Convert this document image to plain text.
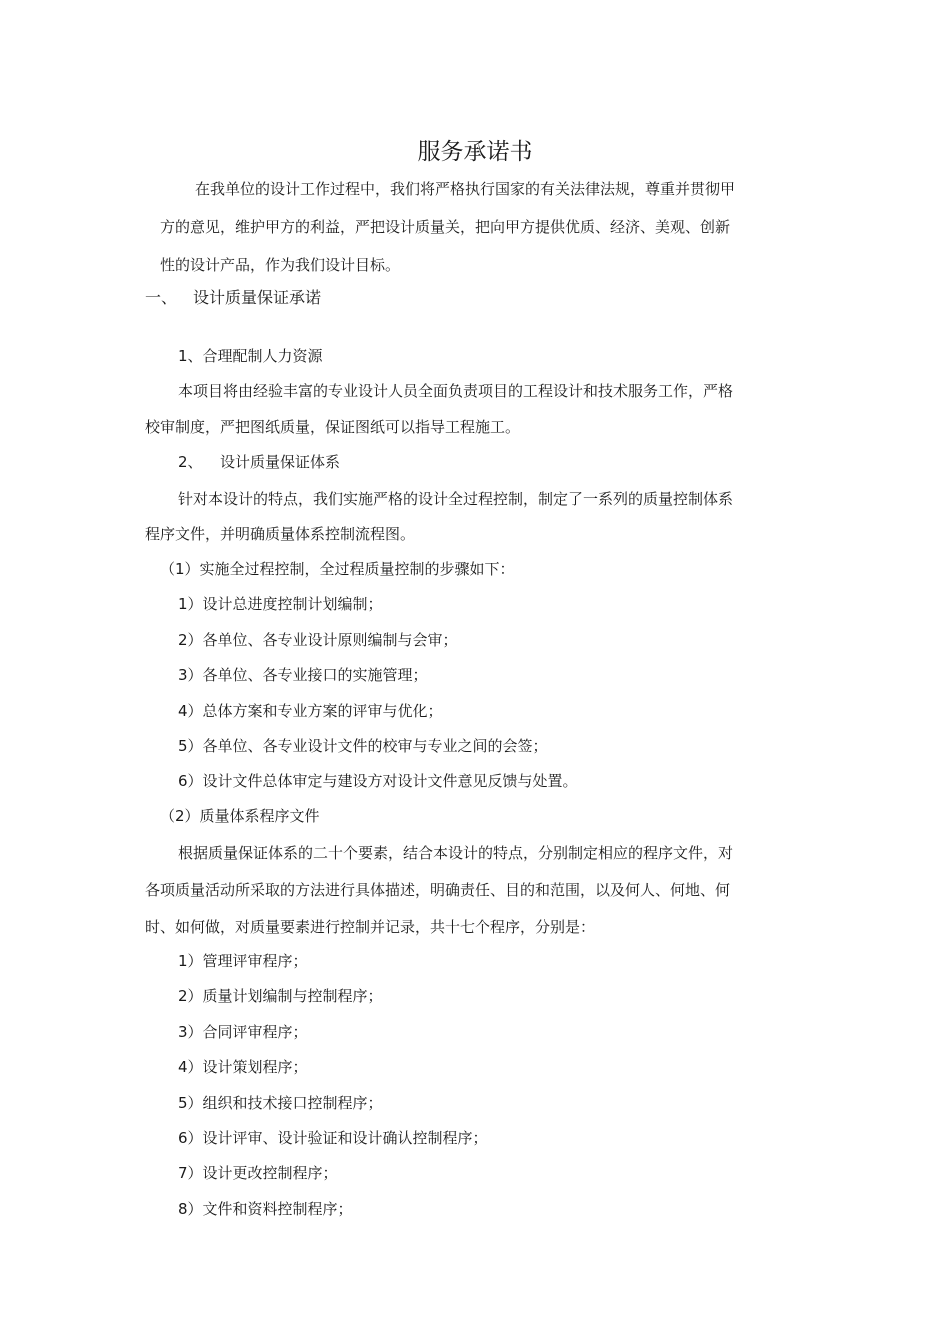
服务承诺书
在我单位的设计工作过程中，我们将严格执行国家的有关法律法规，尊重并贯彻甲
方的意见，维护甲方的利益，严把设计质量关，把向甲方提供优质、经济、美观、创新
性的设计产品，作为我们设计目标。
一、 设计质量保证承诺
1、合理配制人力资源
本项目将由经验丰富的专业设计人员全面负责项目的工程设计和技术服务工作，严格
校审制度，严把图纸质量，保证图纸可以指导工程施工。
2、 设计质量保证体系
针对本设计的特点，我们实施严格的设计全过程控制，制定了一系列的质量控制体系
程序文件，并明确质量体系控制流程图。
（1）实施全过程控制，全过程质量控制的步骤如下：
1）设计总进度控制计划编制；
2）各单位、各专业设计原则编制与会审；
3）各单位、各专业接口的实施管理；
4）总体方案和专业方案的评审与优化；
5）各单位、各专业设计文件的校审与专业之间的会签；
6）设计文件总体审定与建设方对设计文件意见反馈与处置。
（2）质量体系程序文件
根据质量保证体系的二十个要素，结合本设计的特点，分别制定相应的程序文件，对
各项质量活动所采取的方法进行具体描述，明确责任、目的和范围，以及何人、何地、何
时、如何做，对质量要素进行控制并记录，共十七个程序，分别是：
1）管理评审程序；
2）质量计划编制与控制程序；
3）合同评审程序；
4）设计策划程序；
5）组织和技术接口控制程序；
6）设计评审、设计验证和设计确认控制程序；
7）设计更改控制程序；
8）文件和资料控制程序；
